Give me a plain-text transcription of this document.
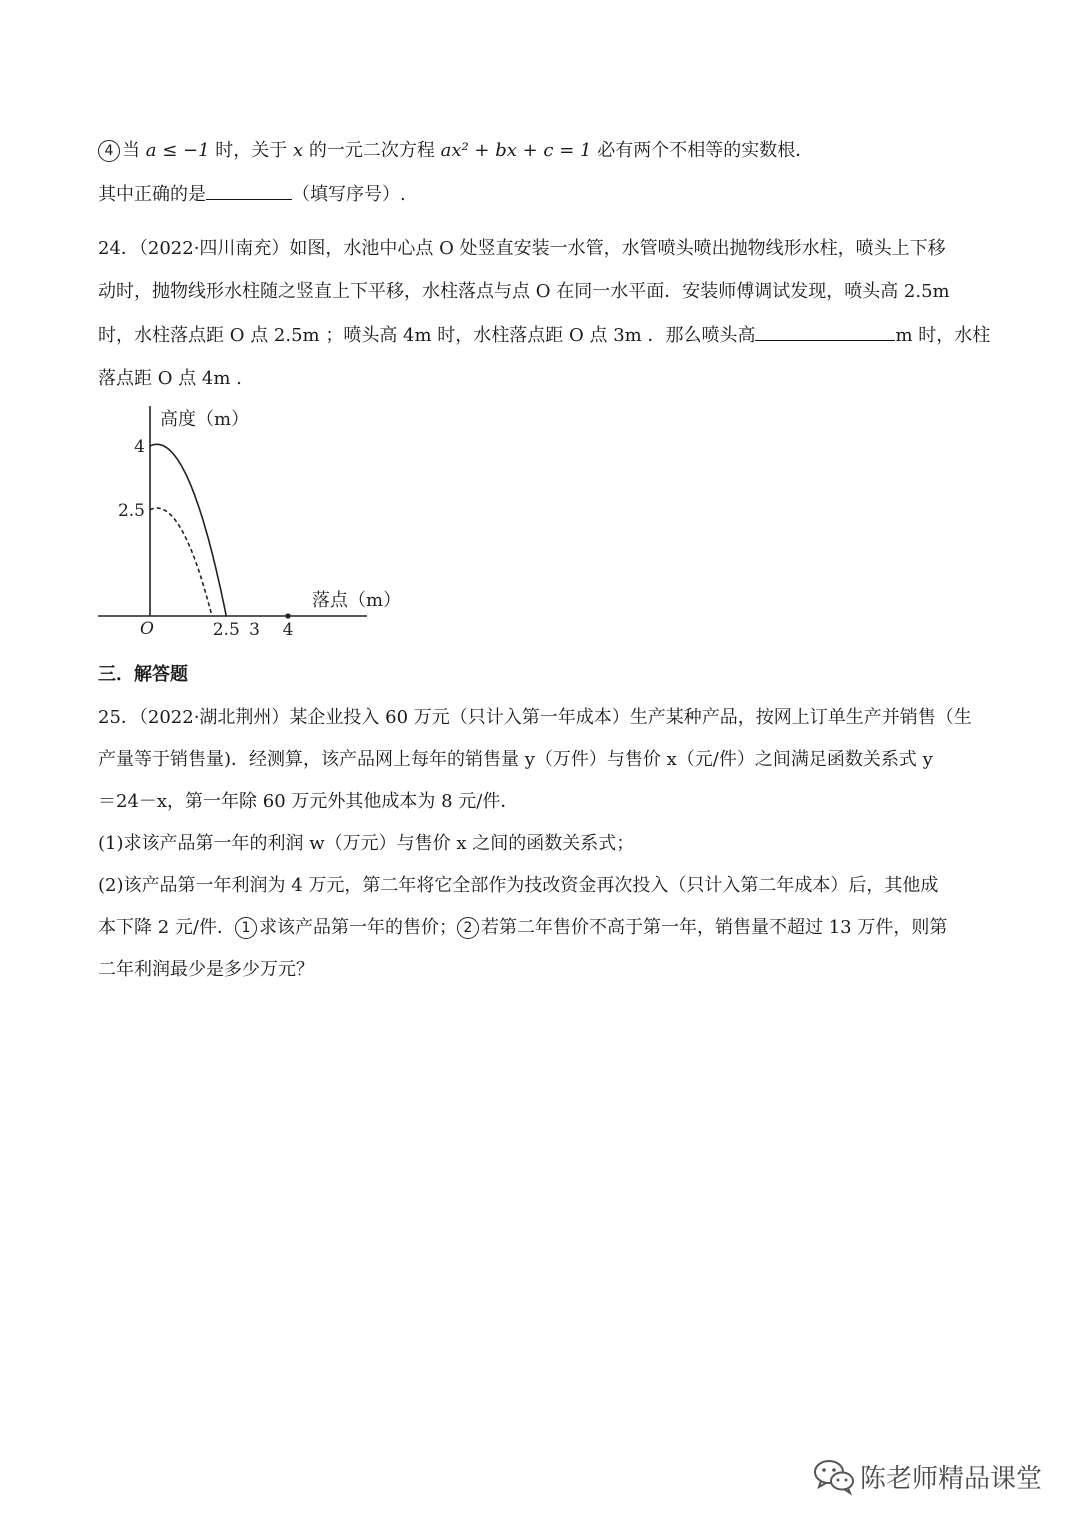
4 当 a ≤ −1 时，关于 x 的一元二次方程 ax² + bx + c = 1 必有两个不相等的实数根．
其中正确的是	（填写序号）.
24．（2022·四川南充）如图，水池中心点 O 处竖直安装一水管，水管喷头喷出抛物线形水柱，喷头上下移
动时，抛物线形水柱随之竖直上下平移，水柱落点与点 O 在同一水平面．安装师傅调试发现，喷头高 2.5m
时，水柱落点距 O 点 2.5m ；喷头高 4m 时，水柱落点距 O 点 3m ．那么喷头高	m 时，水柱
落点距 O 点 4m .
4
2.5
2.5 3 4
高度（m）
落点（m）
O
三．解答题
25．（2022·湖北荆州）某企业投入 60 万元（只计入第一年成本）生产某种产品，按网上订单生产并销售（生
产量等于销售量)．经测算，该产品网上每年的销售量 y（万件）与售价 x（元/件）之间满足函数关系式 y
＝24－x，第一年除 60 万元外其他成本为 8 元/件．
(1)求该产品第一年的利润 w（万元）与售价 x 之间的函数关系式；
(2)该产品第一年利润为 4 万元，第二年将它全部作为技改资金再次投入（只计入第二年成本）后，其他成
本下降 2 元/件． 1 求该产品第一年的售价； 2 若第二年售价不高于第一年，销售量不超过 13 万件，则第
二年利润最少是多少万元？
陈老师精品课堂
